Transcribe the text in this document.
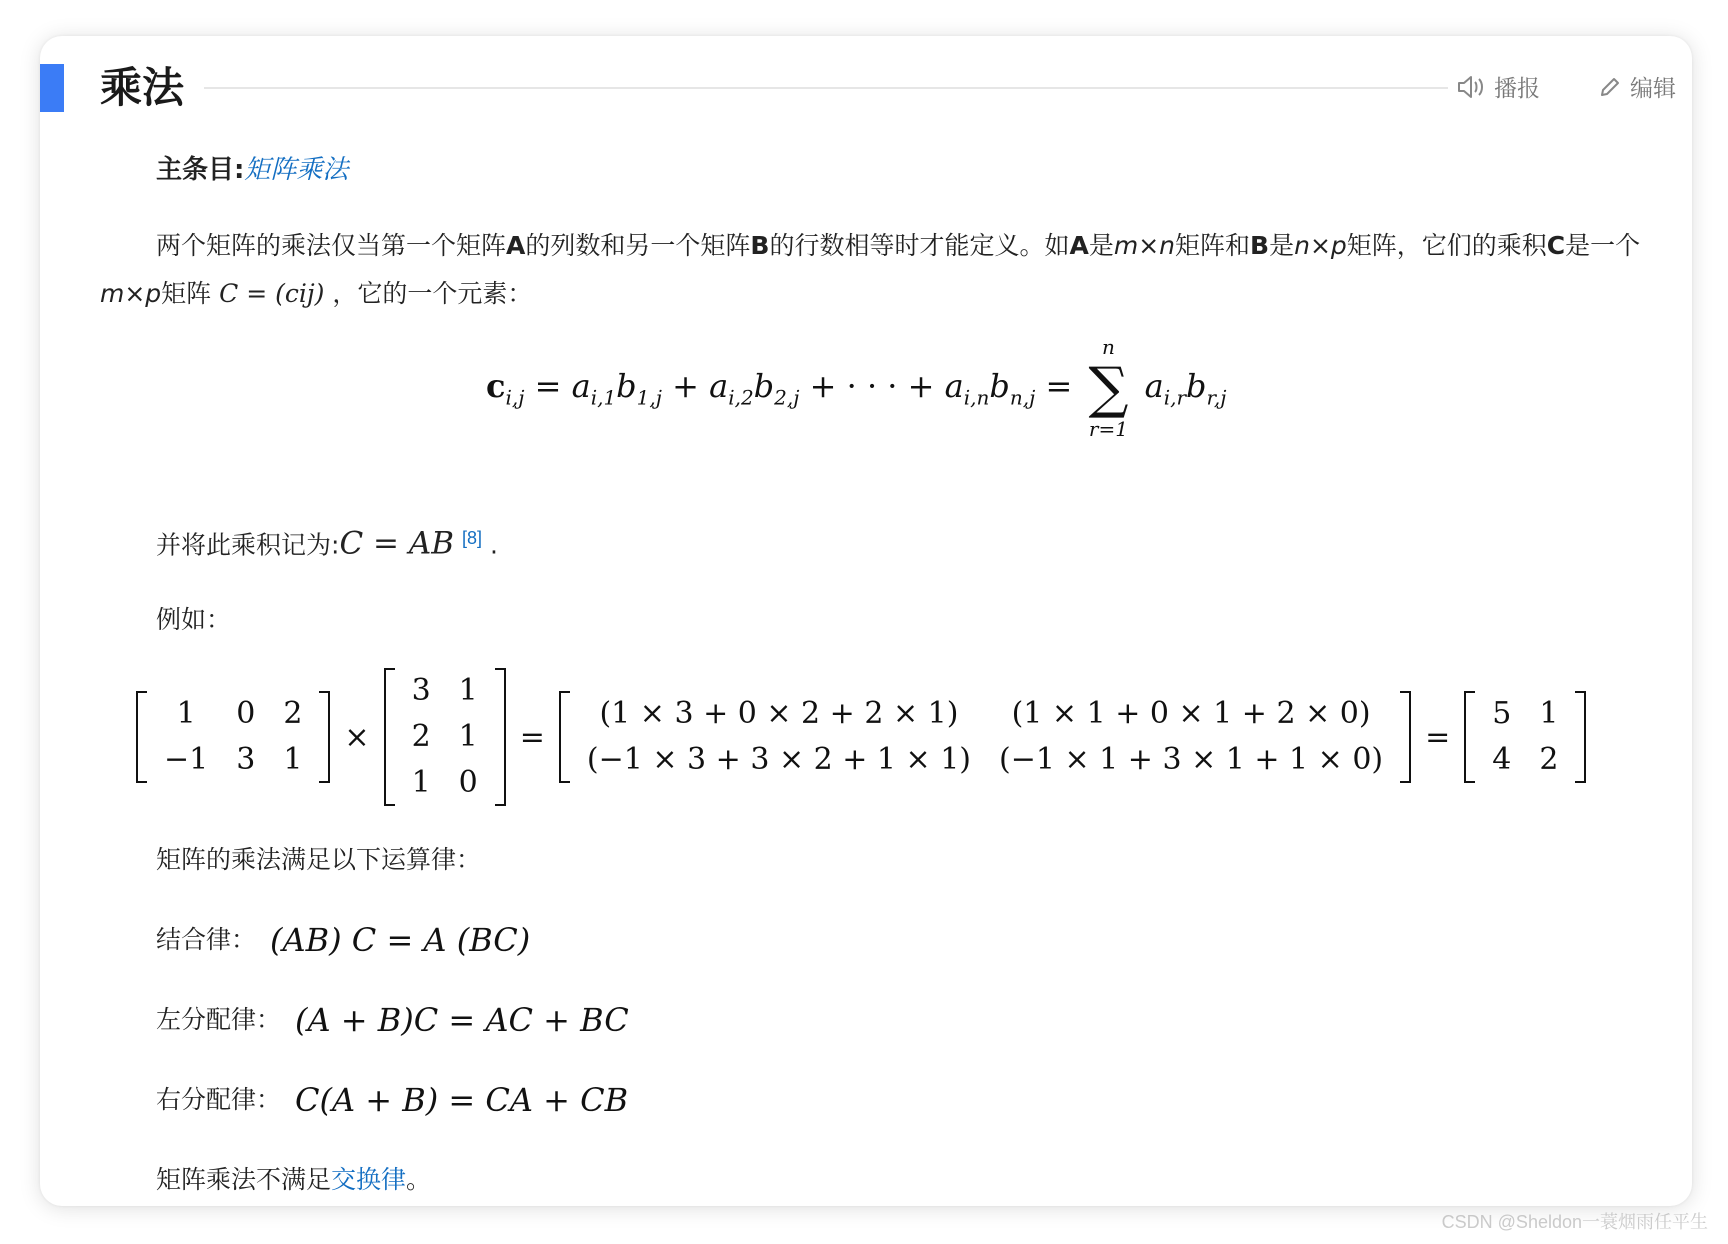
乘法	播报	编辑
主条目:矩阵乘法

两个矩阵的乘法仅当第一个矩阵A的列数和另一个矩阵B的行数相等时才能定义。如A是m×n矩阵和B是n×p矩阵，它们的乘积C是一个m×p矩阵 C = (cij) ，它的一个元素：

$c_{i,j} = a_{i,1}b_{1,j} + a_{i,2}b_{2,j}$ + · · · + $a_{i,n}b_{n,j}$ =
n
∑
r=1
$a_{i,r}b_{r,j}$

并将此乘积记为:C = AB [8] .

例如：

1	0	2
−1	3	1
×
3	1
2	1
1	0
=
(1 × 3 + 0 × 2 + 2 × 1)	(1 × 1 + 0 × 1 + 2 × 0)
(−1 × 3 + 3 × 2 + 1 × 1)	(−1 × 1 + 3 × 1 + 1 × 0)
=
5	1
4	2

矩阵的乘法满足以下运算律：

结合律： (AB) C = A (BC)
左分配律： (A + B)C = AC + BC
右分配律： C(A + B) = CA + CB

矩阵乘法不满足交换律。

CSDN @Sheldon一蓑烟雨任平生
